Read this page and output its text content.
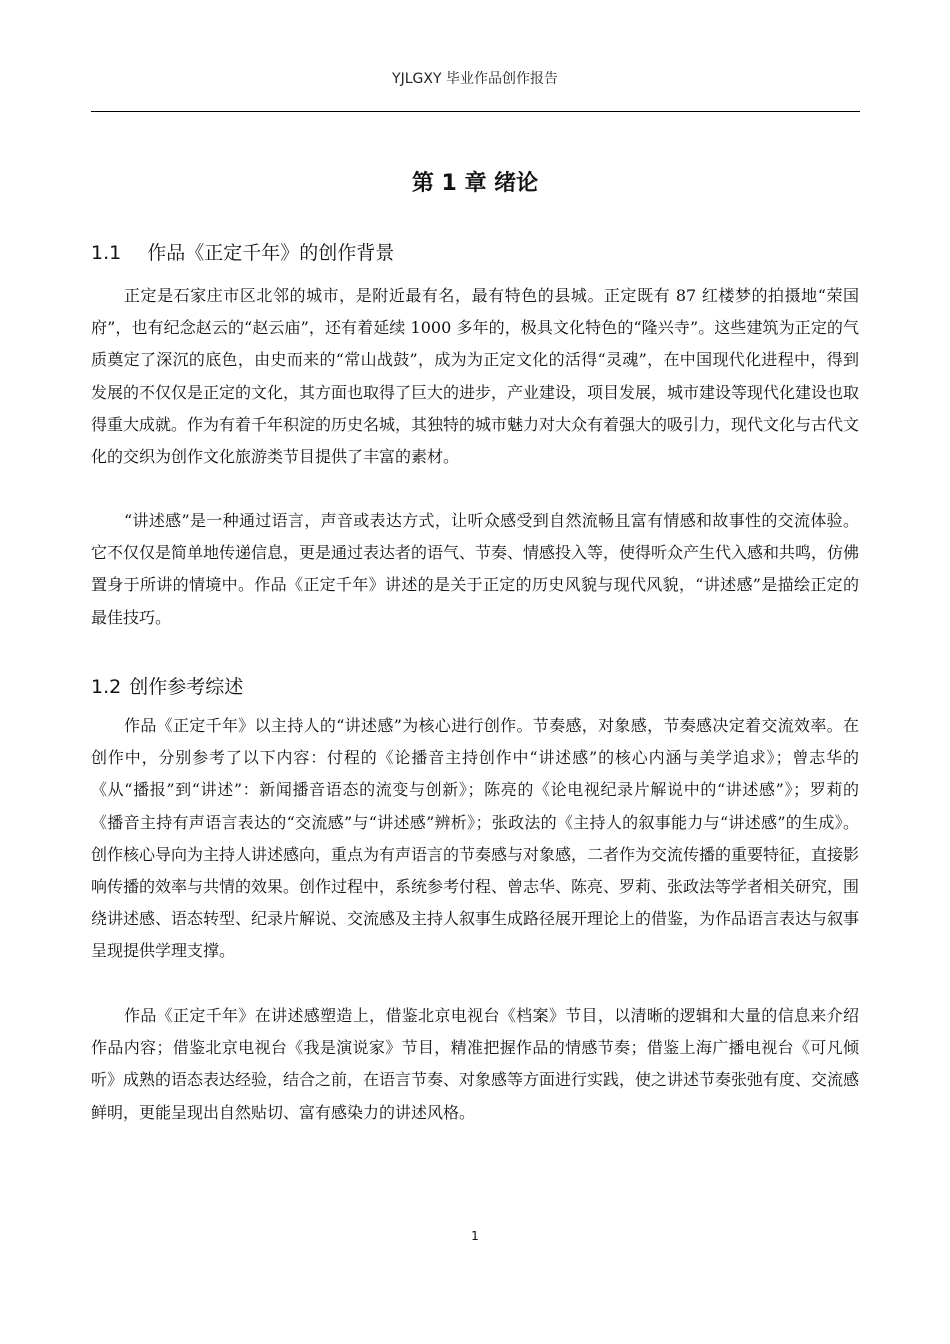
YJLGXY 毕业作品创作报告
第 1 章 绪论
1.1 作品《正定千年》的创作背景

正定是石家庄市区北邻的城市，是附近最有名，最有特色的县城。正定既有 87 红楼梦的拍摄地“荣国府”，也有纪念赵云的“赵云庙”，还有着延续 1000 多年的，极具文化特色的“隆兴寺”。这些建筑为正定的气质奠定了深沉的底色，由史而来的“常山战鼓”，成为为正定文化的活得“灵魂”，在中国现代化进程中，得到发展的不仅仅是正定的文化，其方面也取得了巨大的进步，产业建设，项目发展，城市建设等现代化建设也取得重大成就。作为有着千年积淀的历史名城，其独特的城市魅力对大众有着强大的吸引力，现代文化与古代文化的交织为创作文化旅游类节目提供了丰富的素材。

“讲述感”是一种通过语言，声音或表达方式，让听众感受到自然流畅且富有情感和故事性的交流体验。它不仅仅是简单地传递信息，更是通过表达者的语气、节奏、情感投入等，使得听众产生代入感和共鸣，仿佛置身于所讲的情境中。作品《正定千年》讲述的是关于正定的历史风貌与现代风貌，“讲述感”是描绘正定的最佳技巧。

1.2 创作参考综述

作品《正定千年》以主持人的“讲述感”为核心进行创作。节奏感，对象感，节奏感决定着交流效率。在创作中，分别参考了以下内容：付程的《论播音主持创作中“讲述感”的核心内涵与美学追求》；曾志华的《从“播报”到“讲述”：新闻播音语态的流变与创新》；陈亮的《论电视纪录片解说中的“讲述感”》；罗莉的《播音主持有声语言表达的“交流感”与“讲述感”辨析》；张政法的《主持人的叙事能力与“讲述感”的生成》。创作核心导向为主持人讲述感向，重点为有声语言的节奏感与对象感，二者作为交流传播的重要特征，直接影响传播的效率与共情的效果。创作过程中，系统参考付程、曾志华、陈亮、罗莉、张政法等学者相关研究，围绕讲述感、语态转型、纪录片解说、交流感及主持人叙事生成路径展开理论上的借鉴，为作品语言表达与叙事呈现提供学理支撑。

作品《正定千年》在讲述感塑造上，借鉴北京电视台《档案》节目，以清晰的逻辑和大量的信息来介绍作品内容；借鉴北京电视台《我是演说家》节目，精准把握作品的情感节奏；借鉴上海广播电视台《可凡倾听》成熟的语态表达经验，结合之前，在语言节奏、对象感等方面进行实践，使之讲述节奏张弛有度、交流感鲜明，更能呈现出自然贴切、富有感染力的讲述风格。

1
